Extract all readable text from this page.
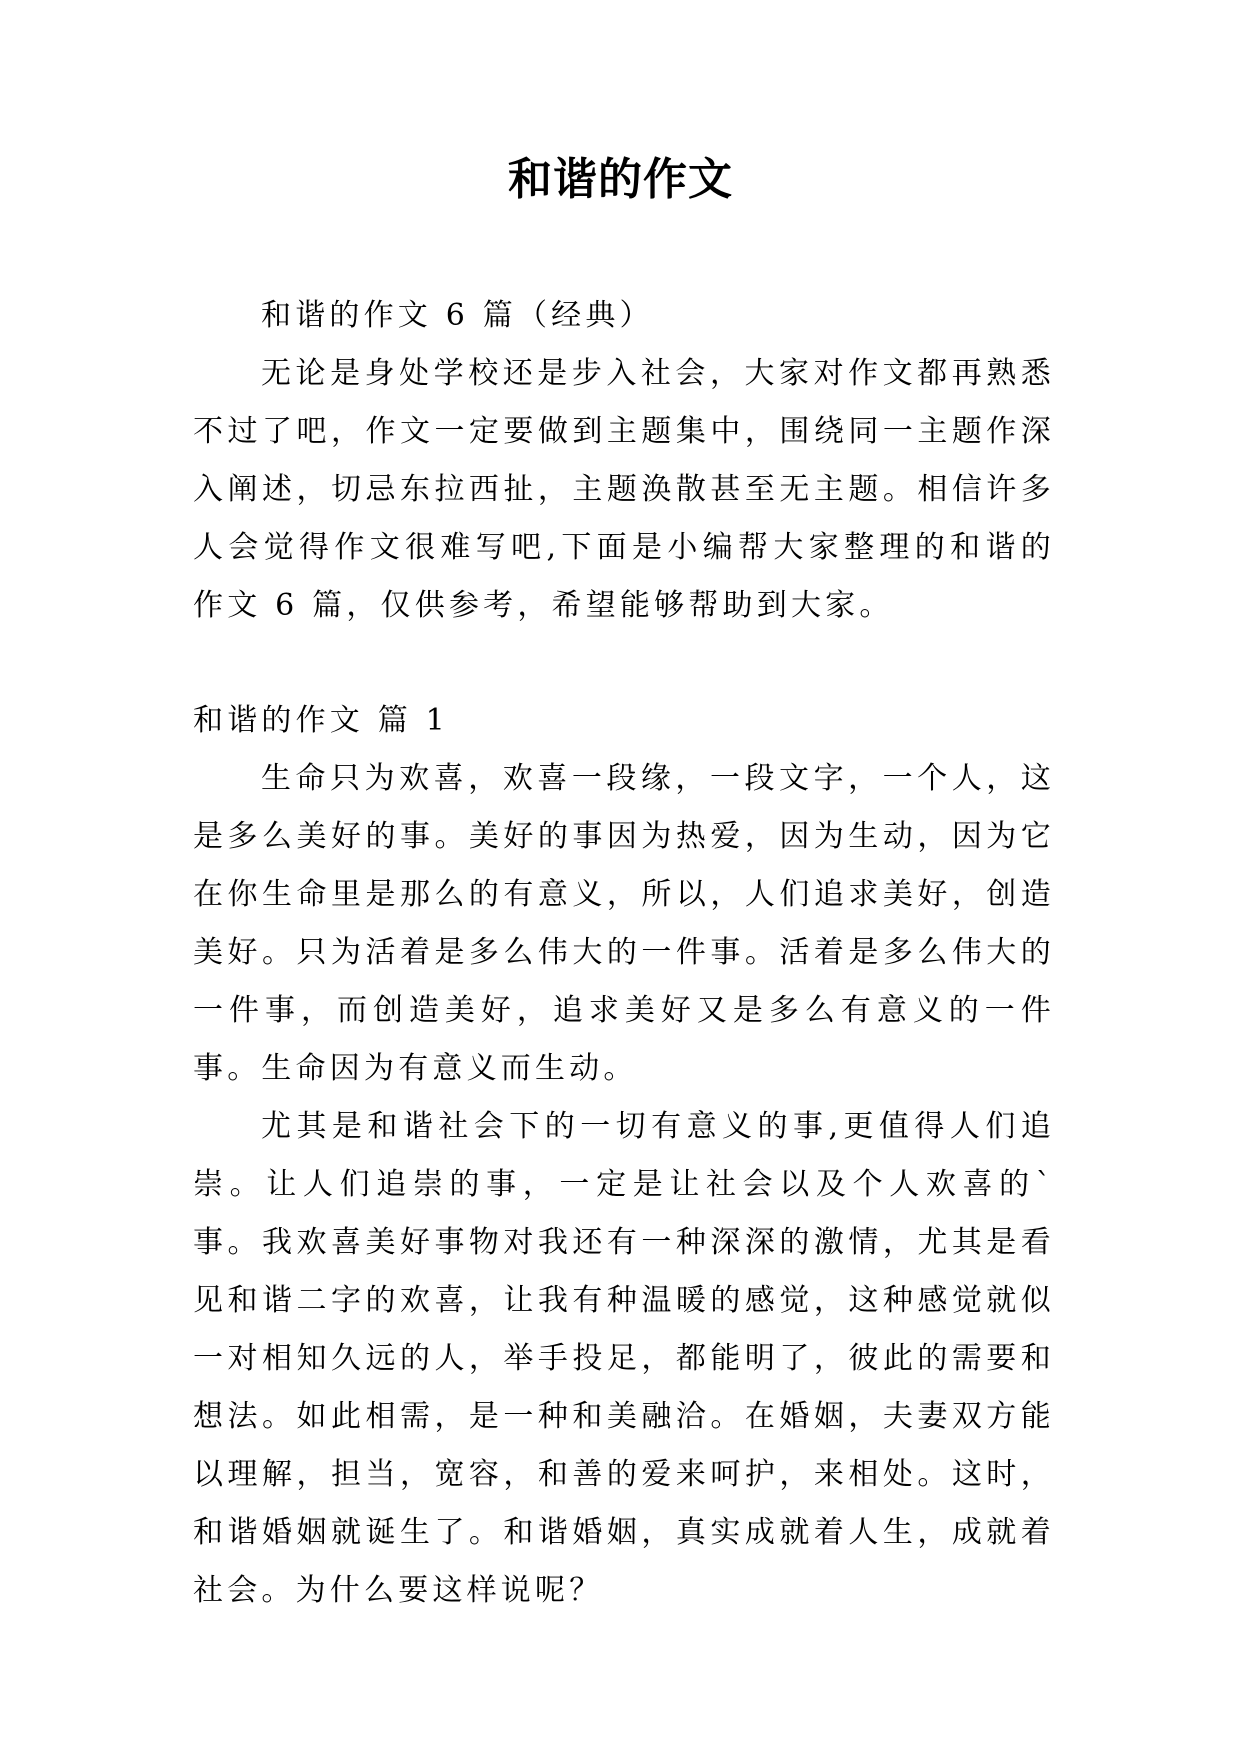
和谐的作文

和谐的作文 6 篇（经典）

无论是身处学校还是步入社会，大家对作文都再熟悉不过了吧，作文一定要做到主题集中，围绕同一主题作深入阐述，切忌东拉西扯，主题涣散甚至无主题。相信许多人会觉得作文很难写吧,下面是小编帮大家整理的和谐的作文 6 篇，仅供参考，希望能够帮助到大家。

和谐的作文 篇 1

生命只为欢喜，欢喜一段缘，一段文字，一个人，这是多么美好的事。美好的事因为热爱，因为生动，因为它在你生命里是那么的有意义，所以，人们追求美好，创造美好。只为活着是多么伟大的一件事。活着是多么伟大的一件事，而创造美好，追求美好又是多么有意义的一件事。生命因为有意义而生动。

尤其是和谐社会下的一切有意义的事,更值得人们追崇。让人们追崇的事，一定是让社会以及个人欢喜的`事。我欢喜美好事物对我还有一种深深的激情，尤其是看见和谐二字的欢喜，让我有种温暖的感觉，这种感觉就似一对相知久远的人，举手投足，都能明了，彼此的需要和想法。如此相需，是一种和美融洽。在婚姻，夫妻双方能以理解，担当，宽容，和善的爱来呵护，来相处。这时，和谐婚姻就诞生了。和谐婚姻，真实成就着人生，成就着社会。为什么要这样说呢？
